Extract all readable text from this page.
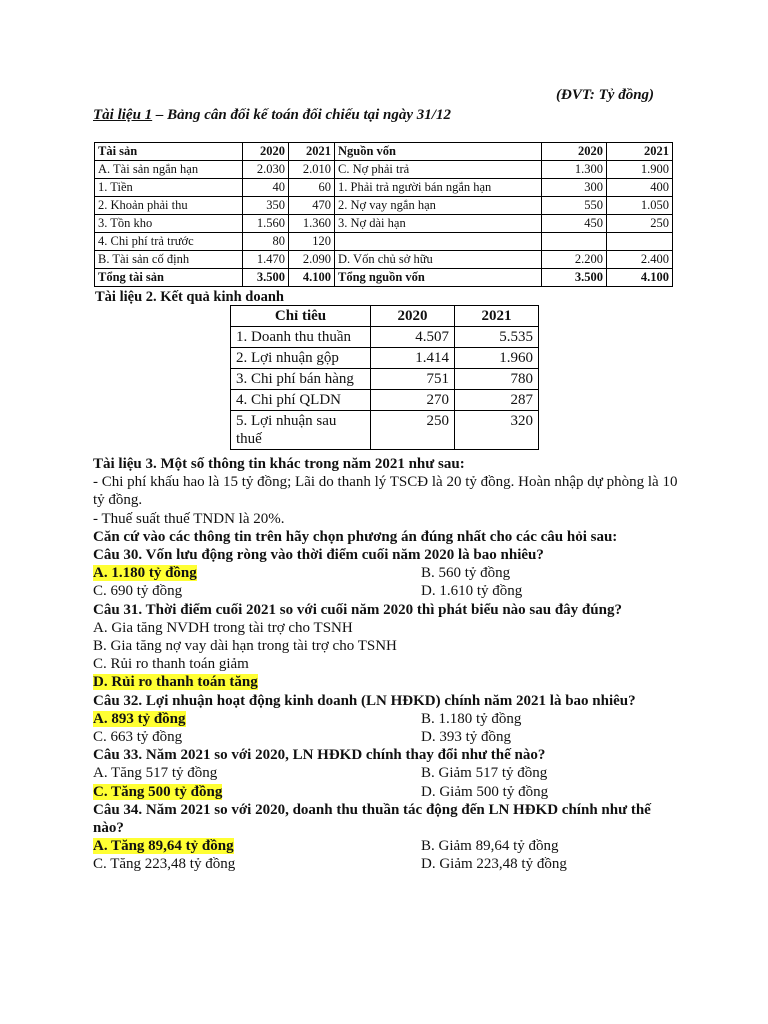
(ĐVT: Tỷ đồng)
Tài liệu 1 – Bảng cân đối kế toán đối chiếu tại ngày 31/12
Tài sản	2020	2021	Nguồn vốn	2020	2021
A. Tài sản ngắn hạn	2.030	2.010	C. Nợ phải trả	1.300	1.900
1. Tiền	40	60	1. Phải trả người bán ngắn hạn	300	400
2. Khoản phải thu	350	470	2. Nợ vay ngắn hạn	550	1.050
3. Tồn kho	1.560	1.360	3. Nợ dài hạn	450	250
4. Chi phí trả trước	80	120			
B. Tài sản cố định	1.470	2.090	D. Vốn chủ sở hữu	2.200	2.400
Tổng tài sản	3.500	4.100	Tổng nguồn vốn	3.500	4.100
Tài liệu 2. Kết quả kinh doanh
Chỉ tiêu	2020	2021
1. Doanh thu thuần	4.507	5.535
2. Lợi nhuận gộp	1.414	1.960
3. Chi phí bán hàng	751	780
4. Chi phí QLDN	270	287
5. Lợi nhuận sau thuế	250	320

Tài liệu 3. Một số thông tin khác trong năm 2021 như sau:

- Chi phí khấu hao là 15 tỷ đồng; Lãi do thanh lý TSCĐ là 20 tỷ đồng. Hoàn nhập dự phòng là 10 tỷ đồng.

- Thuế suất thuế TNDN là 20%.

Căn cứ vào các thông tin trên hãy chọn phương án đúng nhất cho các câu hỏi sau:

Câu 30. Vốn lưu động ròng vào thời điểm cuối năm 2020 là bao nhiêu?

A. 1.180 tỷ đồng	B. 560 tỷ đồng
C. 690 tỷ đồng	D. 1.610 tỷ đồng

Câu 31. Thời điểm cuối 2021 so với cuối năm 2020 thì phát biểu nào sau đây đúng?

A. Gia tăng NVDH trong tài trợ cho TSNH

B. Gia tăng nợ vay dài hạn trong tài trợ cho TSNH

C. Rủi ro thanh toán giảm

D. Rủi ro thanh toán tăng

Câu 32. Lợi nhuận hoạt động kinh doanh (LN HĐKD) chính năm 2021 là bao nhiêu?

A. 893 tỷ đồng	B. 1.180 tỷ đồng
C. 663 tỷ đồng	D. 393 tỷ đồng

Câu 33. Năm 2021 so với 2020, LN HĐKD chính thay đổi như thế nào?

A. Tăng 517 tỷ đồng	B. Giảm 517 tỷ đồng
C. Tăng 500 tỷ đồng	D. Giảm 500 tỷ đồng

Câu 34. Năm 2021 so với 2020, doanh thu thuần tác động đến LN HĐKD chính như thế nào?

A. Tăng 89,64 tỷ đồng	B. Giảm 89,64 tỷ đồng
C. Tăng 223,48 tỷ đồng	D. Giảm 223,48 tỷ đồng
